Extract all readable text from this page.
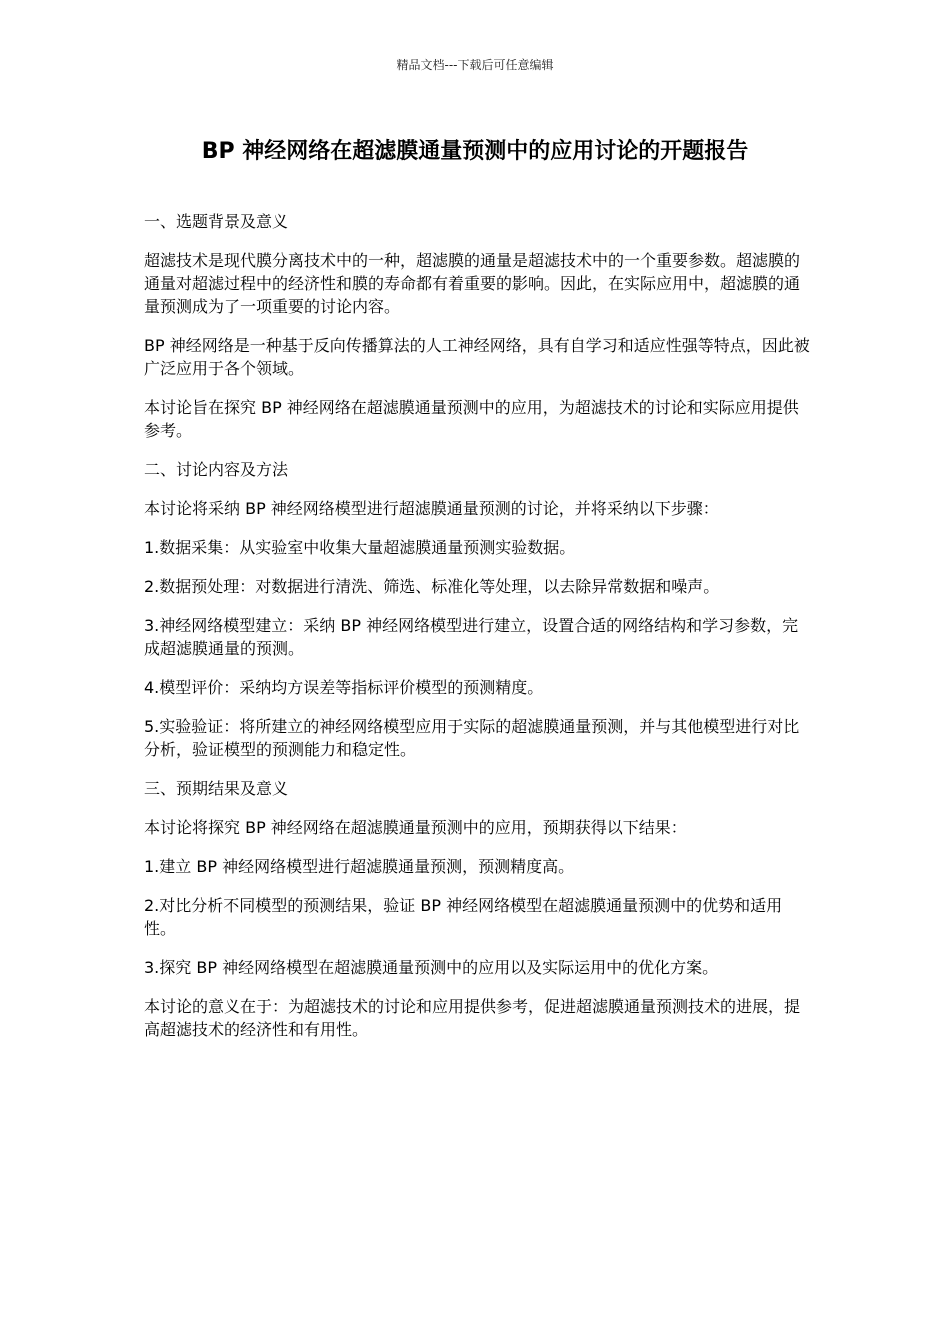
精品文档---下载后可任意编辑
BP 神经网络在超滤膜通量预测中的应用讨论的开题报告

一、选题背景及意义

超滤技术是现代膜分离技术中的一种，超滤膜的通量是超滤技术中的一个重要参数。超滤膜的通量对超滤过程中的经济性和膜的寿命都有着重要的影响。因此，在实际应用中，超滤膜的通量预测成为了一项重要的讨论内容。

BP 神经网络是一种基于反向传播算法的人工神经网络，具有自学习和适应性强等特点，因此被广泛应用于各个领域。

本讨论旨在探究 BP 神经网络在超滤膜通量预测中的应用，为超滤技术的讨论和实际应用提供参考。

二、讨论内容及方法

本讨论将采纳 BP 神经网络模型进行超滤膜通量预测的讨论，并将采纳以下步骤：

1.数据采集：从实验室中收集大量超滤膜通量预测实验数据。

2.数据预处理：对数据进行清洗、筛选、标准化等处理，以去除异常数据和噪声。

3.神经网络模型建立：采纳 BP 神经网络模型进行建立，设置合适的网络结构和学习参数，完成超滤膜通量的预测。

4.模型评价：采纳均方误差等指标评价模型的预测精度。

5.实验验证：将所建立的神经网络模型应用于实际的超滤膜通量预测，并与其他模型进行对比分析，验证模型的预测能力和稳定性。

三、预期结果及意义

本讨论将探究 BP 神经网络在超滤膜通量预测中的应用，预期获得以下结果：

1.建立 BP 神经网络模型进行超滤膜通量预测，预测精度高。

2.对比分析不同模型的预测结果，验证 BP 神经网络模型在超滤膜通量预测中的优势和适用性。

3.探究 BP 神经网络模型在超滤膜通量预测中的应用以及实际运用中的优化方案。

本讨论的意义在于：为超滤技术的讨论和应用提供参考，促进超滤膜通量预测技术的进展，提高超滤技术的经济性和有用性。
